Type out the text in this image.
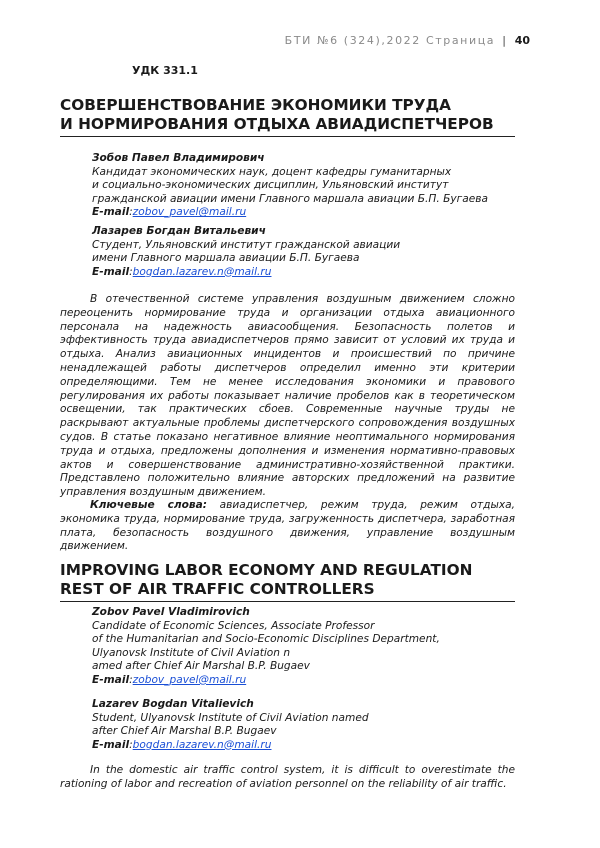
БТИ №6 (324),2022 Страница | 40
УДК 331.1
СОВЕРШЕНСТВОВАНИЕ ЭКОНОМИКИ ТРУДА
И НОРМИРОВАНИЯ ОТДЫХА АВИАДИСПЕТЧЕРОВ
Зобов Павел Владимирович
Кандидат экономических наук, доцент кафедры гуманитарных
и социально-экономических дисциплин, Ульяновский институт
гражданской авиации имени Главного маршала авиации Б.П. Бугаева
E-mail:zobov_pavel@mail.ru
Лазарев Богдан Витальевич
Студент, Ульяновский институт гражданской авиации
имени Главного маршала авиации Б.П. Бугаева
E-mail:bogdan.lazarev.n@mail.ru

В отечественной системе управления воздушным движением сложно переоценить нормирование труда и организации отдыха авиационного персонала на надежность авиасообщения. Безопасность полетов и эффективность труда авиадиспетчеров прямо зависит от условий их труда и отдыха. Анализ авиационных инцидентов и происшествий по причине ненадлежащей работы диспетчеров определил именно эти критерии определяющими. Тем не менее исследования экономики и правового регулирования их работы показывает наличие пробелов как в теоретическом освещении, так практических сбоев. Современные научные труды не раскрывают актуальные проблемы диспетчерского сопровождения воздушных судов. В статье показано негативное влияние неоптимального нормирования труда и отдыха, предложены дополнения и изменения нормативно-правовых актов и совершенствование административно-хозяйственной практики. Представлено положительно влияние авторских предложений на развитие управления воздушным движением.

Ключевые слова: авиадиспетчер, режим труда, режим отдыха, экономика труда, нормирование труда, загруженность диспетчера, заработная плата, безопасность воздушного движения, управление воздушным движением.

IMPROVING LABOR ECONOMY AND REGULATION
REST OF AIR TRAFFIC CONTROLLERS
Zobov Pavel Vladimirovich
Candidate of Economic Sciences, Associate Professor
of the Humanitarian and Socio-Economic Disciplines Department,
Ulyanovsk Institute of Civil Aviation n
amed after Chief Air Marshal B.P. Bugaev
E-mail:zobov_pavel@mail.ru
Lazarev Bogdan Vitalievich
Student, Ulyanovsk Institute of Civil Aviation named
after Chief Air Marshal B.P. Bugaev
E-mail:bogdan.lazarev.n@mail.ru

In the domestic air traffic control system, it is difficult to overestimate the rationing of labor and recreation of aviation personnel on the reliability of air traffic.
